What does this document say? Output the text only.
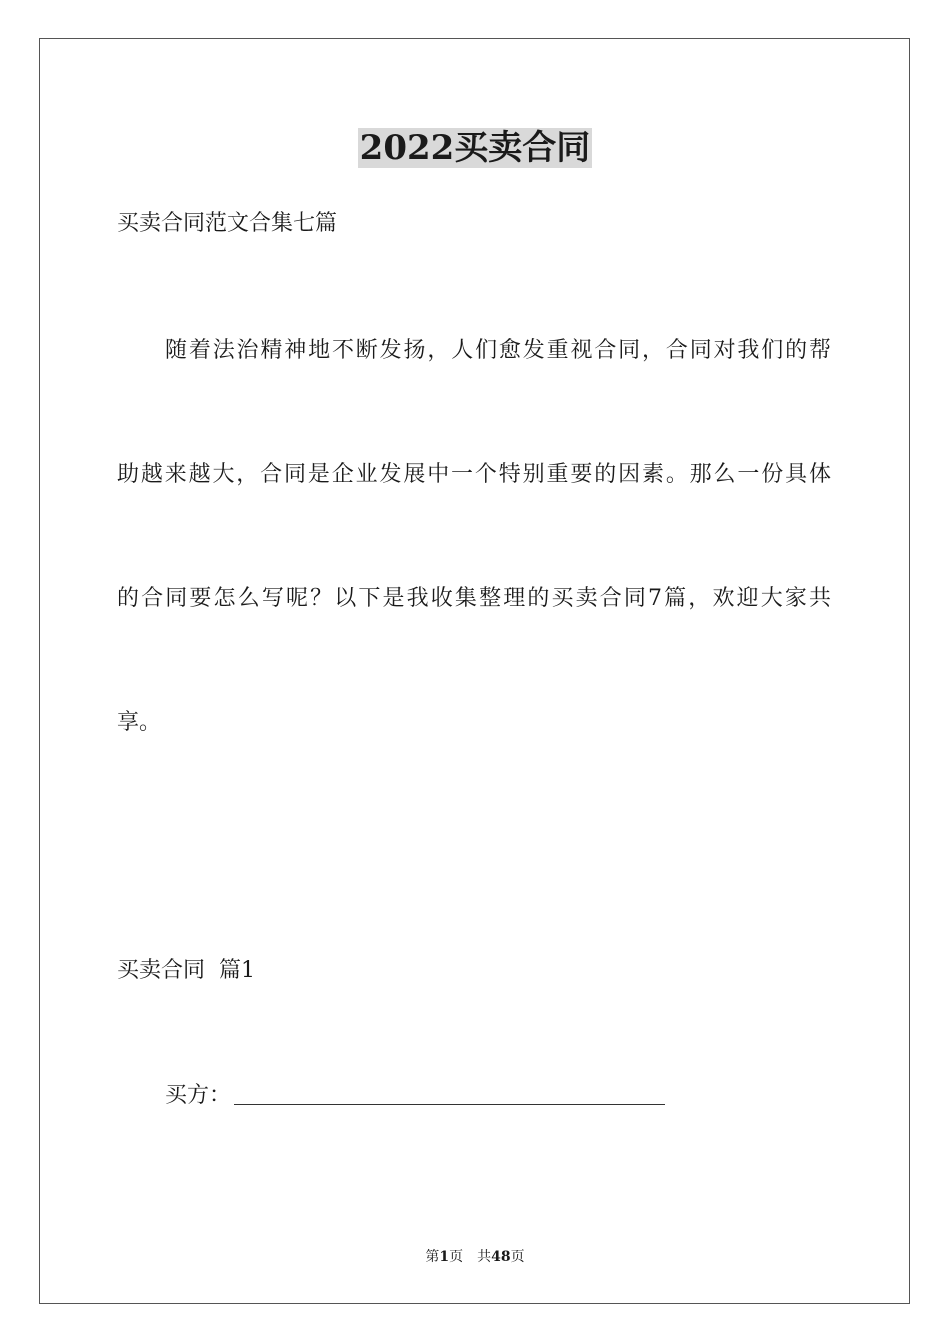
2022买卖合同
买卖合同范文合集七篇
随着法治精神地不断发扬，人们愈发重视合同，合同对我们的帮
助越来越大，合同是企业发展中一个特别重要的因素。那么一份具体
的合同要怎么写呢？以下是我收集整理的买卖合同7篇，欢迎大家共
享。
买卖合同  篇1
买方：
第1页 共48页
